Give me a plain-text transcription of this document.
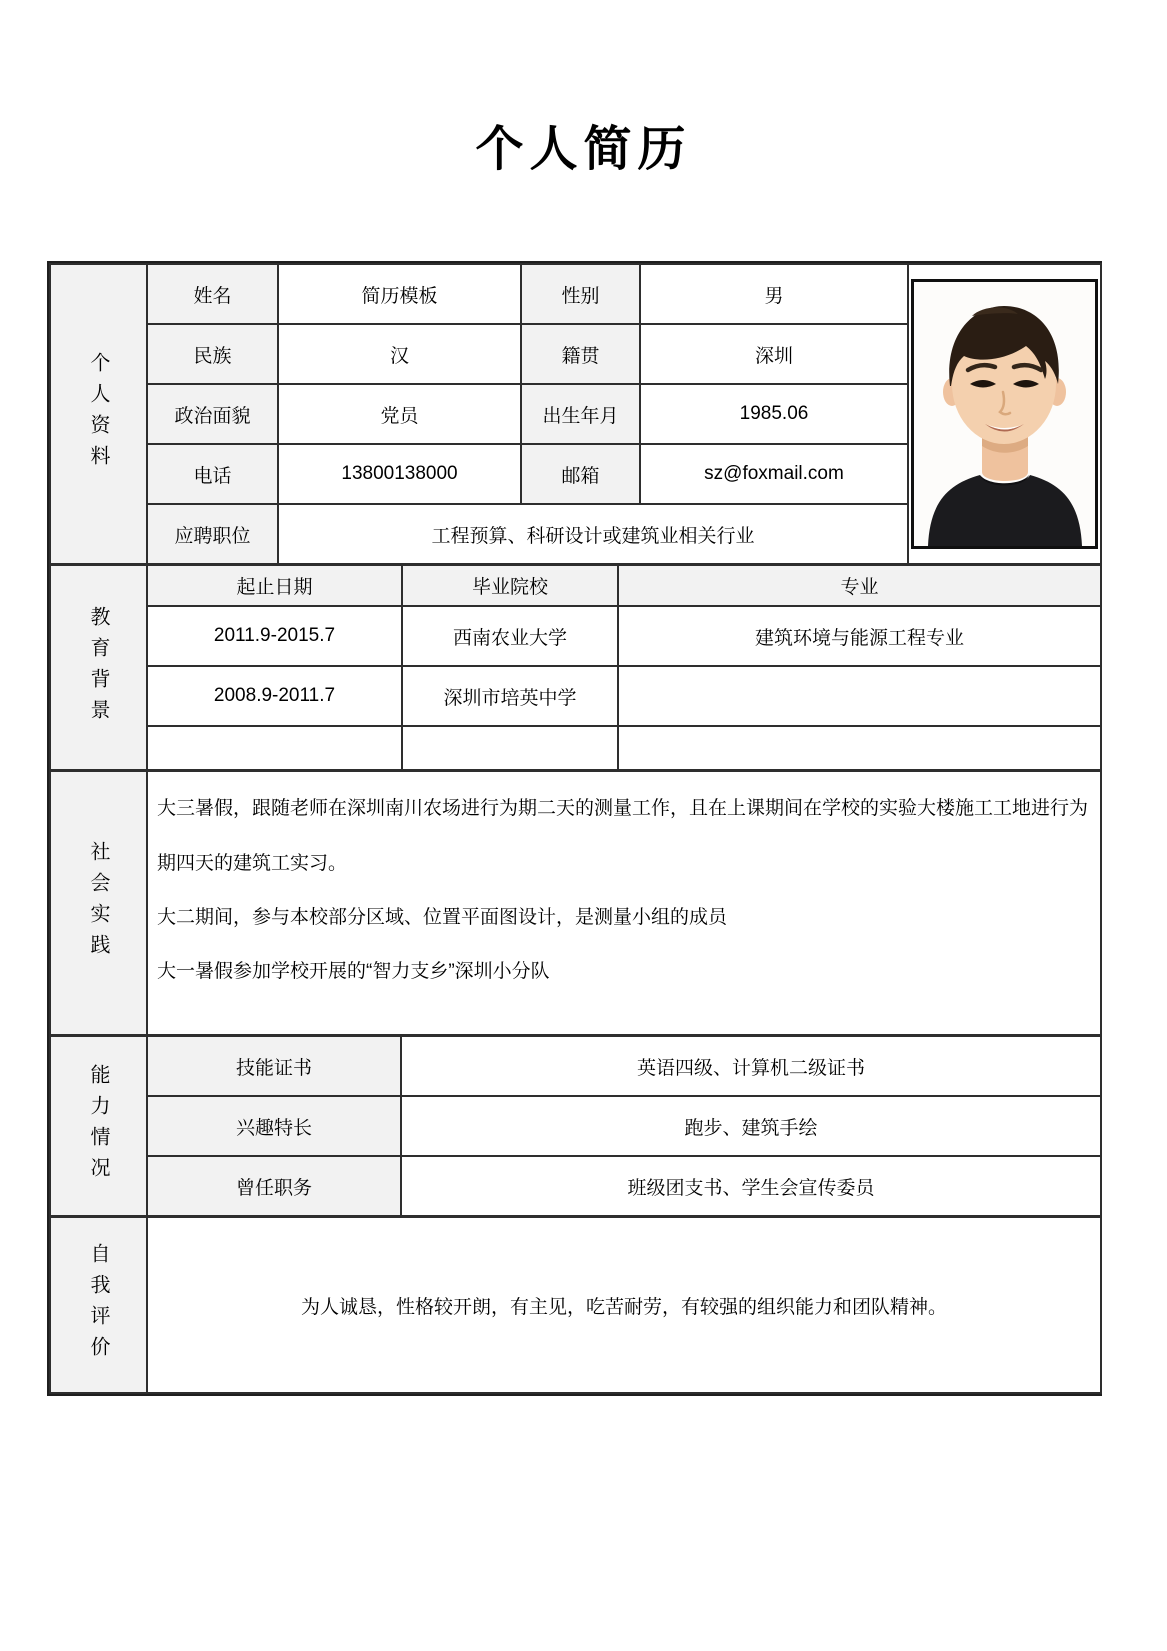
个人简历
个人资料	姓名	简历模板	性别	男	

	民族	汉	籍贯	深圳	
	政治面貌	党员	出生年月	1985.06	
	电话	13800138000	邮箱	sz@foxmail.com	
	应聘职位	工程预算、科研设计或建筑业相关行业			
教育背景	起止日期	毕业院校	专业
	2011.9-2015.7	西南农业大学	建筑环境与能源工程专业
	2008.9-2011.7	深圳市培英中学	

社会实践	

大三暑假，跟随老师在深圳南川农场进行为期二天的测量工作，且在上课期间在学校的实验大楼施工工地进行为期四天的建筑工实习。

大二期间，参与本校部分区域、位置平面图设计，是测量小组的成员

大一暑假参加学校开展的“智力支乡”深圳小分队

能力情况	技能证书	英语四级、计算机二级证书
	兴趣特长	跑步、建筑手绘
	曾任职务	班级团支书、学生会宣传委员
自我评价	为人诚恳，性格较开朗，有主见，吃苦耐劳，有较强的组织能力和团队精神。
